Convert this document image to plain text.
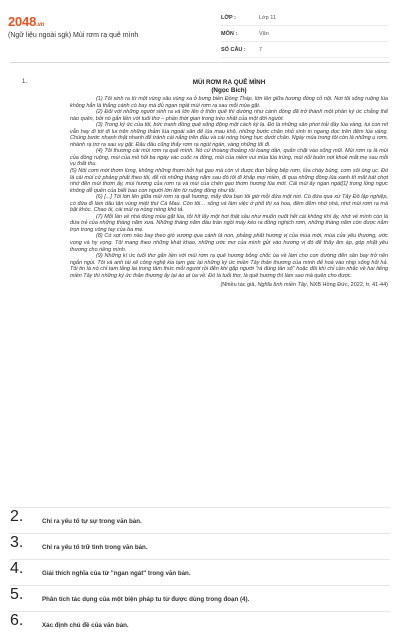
2048.vn
(Ngữ liệu ngoài sgk) Mùi rơm rạ quê mình
LỚP :	Lớp 11
MÔN :	Văn
SỐ CÂU :	7
1.	MÙI RƠM RẠ QUÊ MÌNH
(Ngọc Bích)

(1) Tôi sinh ra từ một vùng sâu vùng xa ở bưng biền Đồng Tháp, lớn lên giữa hương đồng cỏ nội. Nơi tôi sống ruộng lúa không hẳn là thẳng cánh cò bay mà đủ ngan ngát mùi rơm rạ sau mỗi mùa gặt.

(2) Đối với những người sinh ra và lớn lên ở thôn quê thì dường như cánh đồng đã trở thành một phần ký ức chẳng thể nào quên, bởi nó gắn liền với tuổi thơ – phần thời gian trong trẻo nhất của một đời người.

(3) Trong ký ức của tôi, bức tranh đồng quê sống động một cách kỳ lạ. Đó là những sân phơi trải đầy lúa vàng, tụi con nít vẫn hay đi tới đi lui trên những thảm lúa ngoài sân để lúa mau khô, những bước chân nhỏ xinh in ngang dọc trên đệm lúa vàng. Chúng bước nhanh thật nhanh để tránh cái nắng trên đầu và cái nóng hừng hực dưới chân. Ngày mùa trong tôi còn là những ụ rơm, nhành rạ trơ ra sau vụ gặt. Đâu đâu cũng thấy rơm rạ ngút ngàn, vàng những lối đi.

(4) Tôi thương cái mùi rơm rạ quê mình. Nó cứ thoang thoảng rồi loang dần, quấn chặt vào sống mũi. Mùi rơm rạ là mùi của đồng ruộng, mùi của mồ hôi ba ngày vác cuốc ra đồng, mùi của niềm vui mùa lúa trúng, mùi nỗi buồn nơi khoé mắt mẹ sau mỗi vụ thất thu.

(5) Nôi cơm mới thơm lừng, không những thơm bởi hạt gạo mà còn vì được đun bằng bếp rơm, lửa cháy bùng, cơm sôi ùng ục. Đó là cái mùi cứ phảng phất theo tôi, để rồi những tháng năm sau đó tôi đi khắp mọi miền, đi qua những đồng lúa xanh tít mắt bát chợt nhớ đến mùi thơm ấy, mùi hương của rơm rạ và mùi của chén gạo thơm hương lúa mới. Cái mùi ấy ngan ngát[1] trong lồng ngực không dễ quên của biết bao con người lớn lên từ ruộng đồng như tôi.

(6) [...] Tôi lớn lên giữa mùi rơm rạ quê hương, mấy đứa bạn tôi giờ mỗi đứa một nơi. Có đứa qua xứ Tây Đô lập nghiệp, có đứa đi làm dâu tận vùng miệt thứ Cà Mau. Còn tôi… sống và làm việc ở phố thị xa hoa, đêm đêm nhớ nhà, nhớ mùi rơm rạ mà bật khóc. Chao ôi, cái mùi rạ nồng nồng khó tả.

(7) Mỗi lần về nhà đúng mùa gặt lúa, tôi hít lấy một hơi thật sâu như muốn nuốt hết cái không khí ấy, nhớ về mình còn là đứa trẻ của những tháng năm xưa. Những tháng năm đầu trần ngồi máy kéo ra đồng nghịch rơm, những tháng năm còn được nằm trọn trong vòng tay của ba mẹ.

(8) Có sợi rơm nào bay theo gió vương qua cánh lá non, phảng phất hương vị của mùa mới, mùa của yêu thương, ước vọng và hy vọng. Tôi mang theo những khát khao, những ước mơ của mình gửi vào hương vị đó để thấy ấm áp, góp nhặt yêu thương cho riêng mình.

(9) Những kí ức tuổi thơ gắn liền với mùi rơm rạ quê hương bỗng chốc ùa về làm cho con đường đến sân bay trở nên ngắn ngủi. Tôi và anh tài xế công nghệ kia tạm gác lại những ký ức miền Tây thân thương của mình để hoà vào nhịp sống hối hả. Tôi tin là nó chỉ tạm lắng lại trong tâm thức mỗi người rồi đến khi gặp người "rà đúng tần số" hoặc đôi khi chỉ cần nhắc về hai tiếng miền Tây thì những ký ức thân thương ấy lại ào ạt ùa về. Đó là tuổi thơ, là quê hương thì làm sao mà quên cho được.

(Nhiều tác giả, Nghĩa tình miền Tây, NXB Hồng Đức, 2022, tr. 41-44)
2.	Chỉ ra yếu tố tự sự trong văn bản.
3.	Chỉ ra yếu tố trữ tình trong văn bản.
4.	Giải thích nghĩa của từ "ngan ngát" trong văn bản.
5.	Phân tích tác dụng của một biện pháp tu từ được dùng trong đoạn (4).
6.	Xác định chủ đề của văn bản.
